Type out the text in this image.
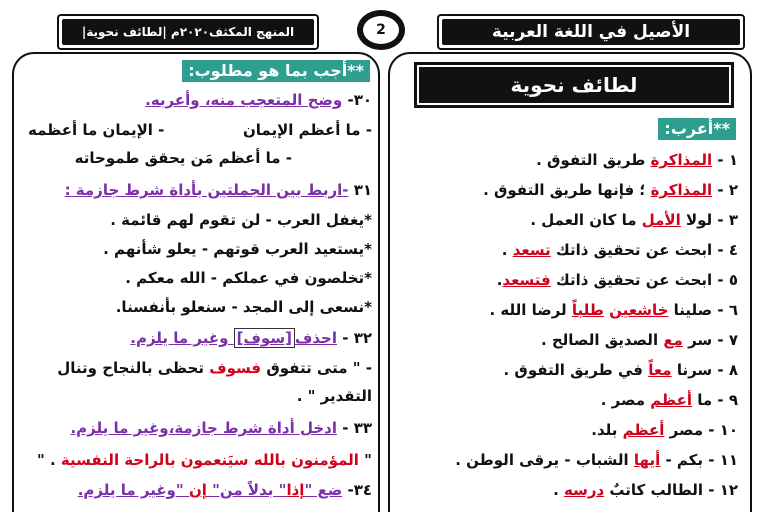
الأصيل في اللغة العربية
2
المنهج المكثف٢٠٢٠م |لطائف نحوية|
لطائف نحوية
**أعرب:
١ - المذاكرة طريق التفوق .
٢ - المذاكرة ؛ فإنها طريق التفوق .
٣ - لولا الأمل ما كان العمل .
٤ - ابحث عن تحقيق ذاتك تسعد .
٥ - ابحث عن تحقيق ذاتك فتسعد.
٦ - صلينا خاشعين طلباً لرضا الله .
٧ - سر مع الصديق الصالح .
٨ - سرنا معاً في طريق التفوق .
٩ - ما أعظم مصر .
١٠ - مصر أعظم بلد.
١١ - بكم - أيها الشباب - يرقى الوطن .
١٢ - الطالب كاتبٌ درسه .
**أجب بما هو مطلوب:
٣٠- وضح المتعجب منه، وأعربه.
- ما أعظم الإيمان
- الإيمان ما أعظمه
- ما أعظم مَن يحقق طموحاته
٣١ -اربط بين الجملتين بأداة شرط جازمة :
*يغفل العرب - لن تقوم لهم قائمة .
*يستعيد العرب قوتهم - يعلو شأنهم .
*تخلصون في عملكم - الله معكم .
*نسعى إلى المجد - سنعلو بأنفسنا.
٣٢ - احذف[سوف] وغير ما يلزم.
- " متى تتفوق فسوف تحظى بالنجاح وتنال
التقدير " .
٣٣ - ادخل أداة شرط جازمة،وغير ما يلزم.
" المؤمنون بالله سيَنعمون بالراحة النفسية . "
٣٤- ضع "إذا" بدلاً من" إن "وغير ما يلزم.
